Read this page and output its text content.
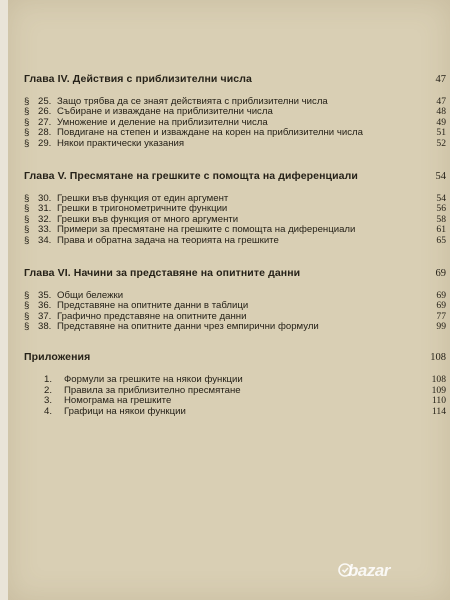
Глава IV. Действия с приблизителни числа	47
§ 25. Защо трябва да се знаят действията с приблизителни числа	47
§ 26. Събиране и изваждане на приблизителни числа	48
§ 27. Умножение и деление на приблизителни числа	49
§ 28. Повдигане на степен и изваждане на корен на приблизителни числа	51
§ 29. Някои практически указания	52
Глава V. Пресмятане на грешките с помощта на диференциали	54
§ 30. Грешки във функция от един аргумент	54
§ 31. Грешки в тригонометричните функции	56
§ 32. Грешки във функция от много аргументи	58
§ 33. Примери за пресмятане на грешките с помощта на диференциали	61
§ 34. Права и обратна задача на теорията на грешките	65
Глава VI. Начини за представяне на опитните данни	69
§ 35. Общи бележки	69
§ 36. Представяне на опитните данни в таблици	69
§ 37. Графично представяне на опитните данни	77
§ 38. Представяне на опитните данни чрез емпирични формули	99
Приложения	108
1.	Формули за грешките на някои функции	108
2.	Правила за приблизително пресмятане	109
3.	Номограма на грешките	110
4.	Графици на някои функции	114
bazar
